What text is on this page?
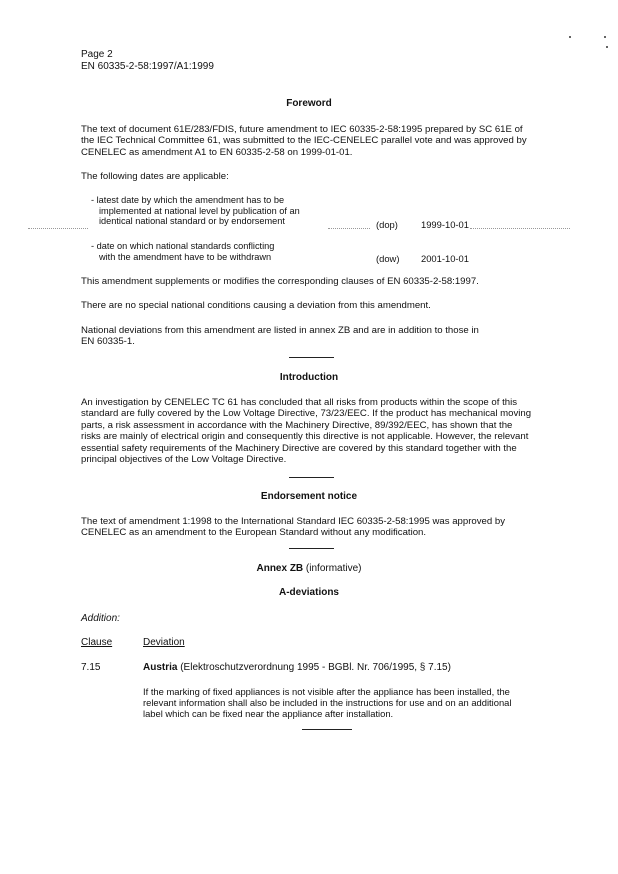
Page 2
EN 60335-2-58:1997/A1:1999
Foreword
The text of document 61E/283/FDIS, future amendment to IEC 60335-2-58:1995 prepared by SC 61E of
the IEC Technical Committee 61, was submitted to the IEC-CENELEC parallel vote and was approved by
CENELEC as amendment A1 to EN 60335-2-58 on 1999-01-01.
The following dates are applicable:
- latest date by which the amendment has to be
implemented at national level by publication of an
identical national standard or by endorsement	(dop) 1999-10-01
- date on which national standards conflicting
with the amendment have to be withdrawn	(dow) 2001-10-01
This amendment supplements or modifies the corresponding clauses of EN 60335-2-58:1997.
There are no special national conditions causing a deviation from this amendment.
National deviations from this amendment are listed in annex ZB and are in addition to those in
EN 60335-1.
Introduction
An investigation by CENELEC TC 61 has concluded that all risks from products within the scope of this
standard are fully covered by the Low Voltage Directive, 73/23/EEC. If the product has mechanical moving
parts, a risk assessment in accordance with the Machinery Directive, 89/392/EEC, has shown that the
risks are mainly of electrical origin and consequently this directive is not applicable. However, the relevant
essential safety requirements of the Machinery Directive are covered by this standard together with the
principal objectives of the Low Voltage Directive.
Endorsement notice
The text of amendment 1:1998 to the International Standard IEC 60335-2-58:1995 was approved by
CENELEC as an amendment to the European Standard without any modification.
Annex ZB (informative)
A-deviations
Addition:
Clause	Deviation
7.15	Austria (Elektroschutzverordnung 1995 - BGBl. Nr. 706/1995, § 7.15)
If the marking of fixed appliances is not visible after the appliance has been installed, the
relevant information shall also be included in the instructions for use and on an additional
label which can be fixed near the appliance after installation.
